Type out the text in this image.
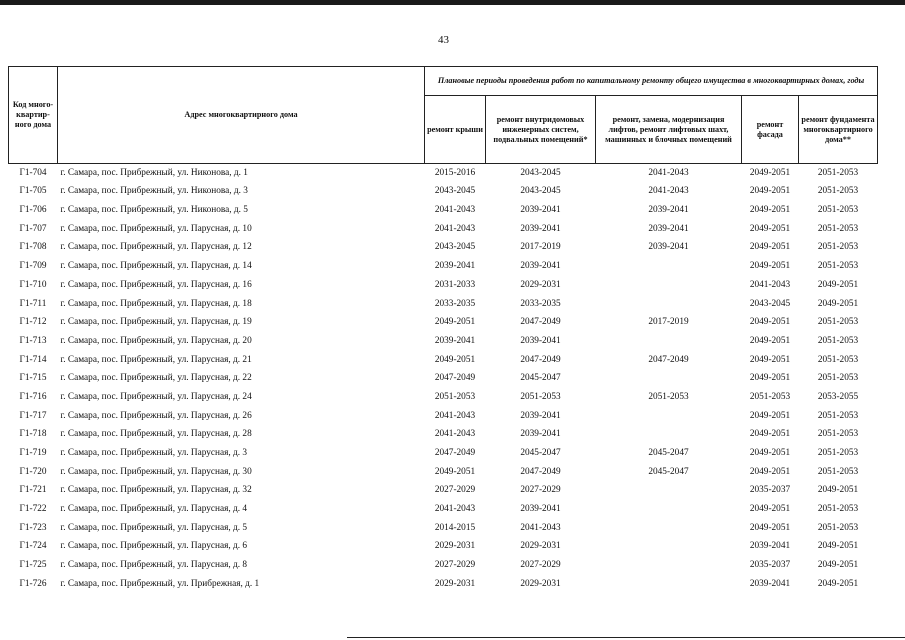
43
Код много- квартир- ного дома	Адрес многоквартирного дома	Плановые периоды проведения работ по капитальному ремонту общего имущества в многоквартирных домах, годы				
		ремонт крыши	ремонт внутридомовых инженерных систем, подвальных помещений*	ремонт, замена, модернизация лифтов, ремонт лифтовых шахт, машинных и блочных помещений	ремонт фасада	ремонт фундамента многоквартирного дома**
Г1-704	г. Самара, пос. Прибрежный, ул. Никонова, д. 1	2015-2016	2043-2045	2041-2043	2049-2051	2051-2053
Г1-705	г. Самара, пос. Прибрежный, ул. Никонова, д. 3	2043-2045	2043-2045	2041-2043	2049-2051	2051-2053
Г1-706	г. Самара, пос. Прибрежный, ул. Никонова, д. 5	2041-2043	2039-2041	2039-2041	2049-2051	2051-2053
Г1-707	г. Самара, пос. Прибрежный, ул. Парусная, д. 10	2041-2043	2039-2041	2039-2041	2049-2051	2051-2053
Г1-708	г. Самара, пос. Прибрежный, ул. Парусная, д. 12	2043-2045	2017-2019	2039-2041	2049-2051	2051-2053
Г1-709	г. Самара, пос. Прибрежный, ул. Парусная, д. 14	2039-2041	2039-2041		2049-2051	2051-2053
Г1-710	г. Самара, пос. Прибрежный, ул. Парусная, д. 16	2031-2033	2029-2031		2041-2043	2049-2051
Г1-711	г. Самара, пос. Прибрежный, ул. Парусная, д. 18	2033-2035	2033-2035		2043-2045	2049-2051
Г1-712	г. Самара, пос. Прибрежный, ул. Парусная, д. 19	2049-2051	2047-2049	2017-2019	2049-2051	2051-2053
Г1-713	г. Самара, пос. Прибрежный, ул. Парусная, д. 20	2039-2041	2039-2041		2049-2051	2051-2053
Г1-714	г. Самара, пос. Прибрежный, ул. Парусная, д. 21	2049-2051	2047-2049	2047-2049	2049-2051	2051-2053
Г1-715	г. Самара, пос. Прибрежный, ул. Парусная, д. 22	2047-2049	2045-2047		2049-2051	2051-2053
Г1-716	г. Самара, пос. Прибрежный, ул. Парусная, д. 24	2051-2053	2051-2053	2051-2053	2051-2053	2053-2055
Г1-717	г. Самара, пос. Прибрежный, ул. Парусная, д. 26	2041-2043	2039-2041		2049-2051	2051-2053
Г1-718	г. Самара, пос. Прибрежный, ул. Парусная, д. 28	2041-2043	2039-2041		2049-2051	2051-2053
Г1-719	г. Самара, пос. Прибрежный, ул. Парусная, д. 3	2047-2049	2045-2047	2045-2047	2049-2051	2051-2053
Г1-720	г. Самара, пос. Прибрежный, ул. Парусная, д. 30	2049-2051	2047-2049	2045-2047	2049-2051	2051-2053
Г1-721	г. Самара, пос. Прибрежный, ул. Парусная, д. 32	2027-2029	2027-2029		2035-2037	2049-2051
Г1-722	г. Самара, пос. Прибрежный, ул. Парусная, д. 4	2041-2043	2039-2041		2049-2051	2051-2053
Г1-723	г. Самара, пос. Прибрежный, ул. Парусная, д. 5	2014-2015	2041-2043		2049-2051	2051-2053
Г1-724	г. Самара, пос. Прибрежный, ул. Парусная, д. 6	2029-2031	2029-2031		2039-2041	2049-2051
Г1-725	г. Самара, пос. Прибрежный, ул. Парусная, д. 8	2027-2029	2027-2029		2035-2037	2049-2051
Г1-726	г. Самара, пос. Прибрежный, ул. Прибрежная, д. 1	2029-2031	2029-2031		2039-2041	2049-2051
